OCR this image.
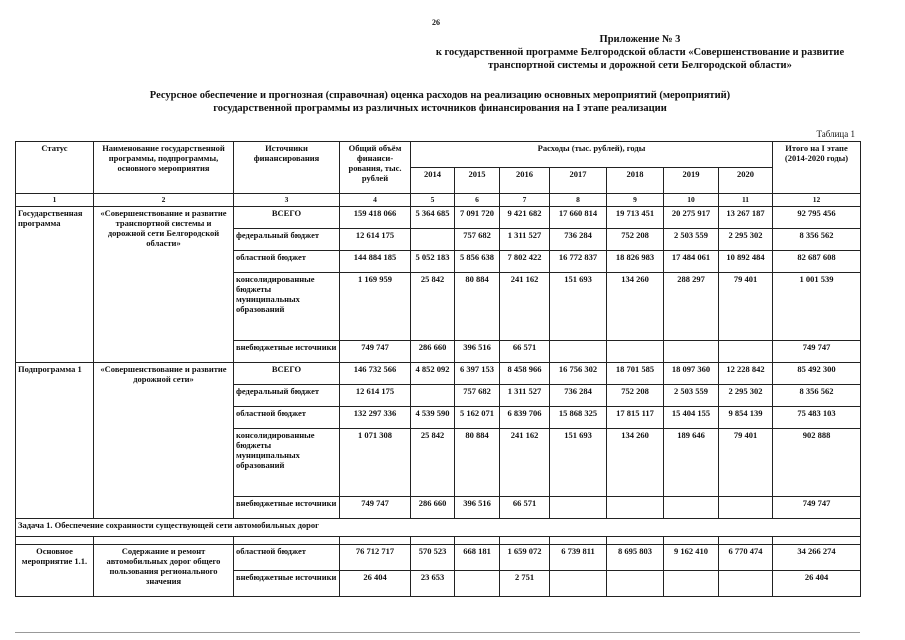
26
Приложение № 3
к государственной программе Белгородской области «Совершенствование и развитие
транспортной системы и дорожной сети Белгородской области»
Ресурсное обеспечение и прогнозная (справочная) оценка расходов на реализацию основных мероприятий (мероприятий)
государственной программы из различных источников финансирования на I этапе реализации
Таблица 1
Статус	Наименование государственной программы, подпрограммы, основного мероприятия	Источники финансирования	Общий объём финанси-рования, тыс. рублей	Расходы (тыс. рублей), годы							Итого на I этапе (2014-2020 годы)
				2014	2015	2016	2017	2018	2019	2020	
1	2	3	4	5	6	7	8	9	10	11	12
Государственная программа	«Совершенствование и развитие транспортной системы и дорожной сети Белгородской области»	ВСЕГО	159 418 066	5 364 685	7 091 720	9 421 682	17 660 814	19 713 451	20 275 917	13 267 187	92 795 456
		федеральный бюджет	12 614 175		757 682	1 311 527	736 284	752 208	2 503 559	2 295 302	8 356 562
		областной бюджет	144 884 185	5 052 183	5 856 638	7 802 422	16 772 837	18 826 983	17 484 061	10 892 484	82 687 608
		консолидированные бюджеты муниципальных образований	1 169 959	25 842	80 884	241 162	151 693	134 260	288 297	79 401	1 001 539
		внебюджетные источники	749 747	286 660	396 516	66 571					749 747
Подпрограмма 1	«Совершенствование и развитие дорожной сети»	ВСЕГО	146 732 566	4 852 092	6 397 153	8 458 966	16 756 302	18 701 585	18 097 360	12 228 842	85 492 300
		федеральный бюджет	12 614 175		757 682	1 311 527	736 284	752 208	2 503 559	2 295 302	8 356 562
		областной бюджет	132 297 336	4 539 590	5 162 071	6 839 706	15 868 325	17 815 117	15 404 155	9 854 139	75 483 103
		консолидированные бюджеты муниципальных образований	1 071 308	25 842	80 884	241 162	151 693	134 260	189 646	79 401	902 888
		внебюджетные источники	749 747	286 660	396 516	66 571					749 747
Задача 1. Обеспечение сохранности существующей сети автомобильных дорог											

Основное мероприятие 1.1.	Содержание и ремонт автомобильных дорог общего пользования регионального значения	областной бюджет	76 712 717	570 523	668 181	1 659 072	6 739 811	8 695 803	9 162 410	6 770 474	34 266 274
		внебюджетные источники	26 404	23 653		2 751					26 404
